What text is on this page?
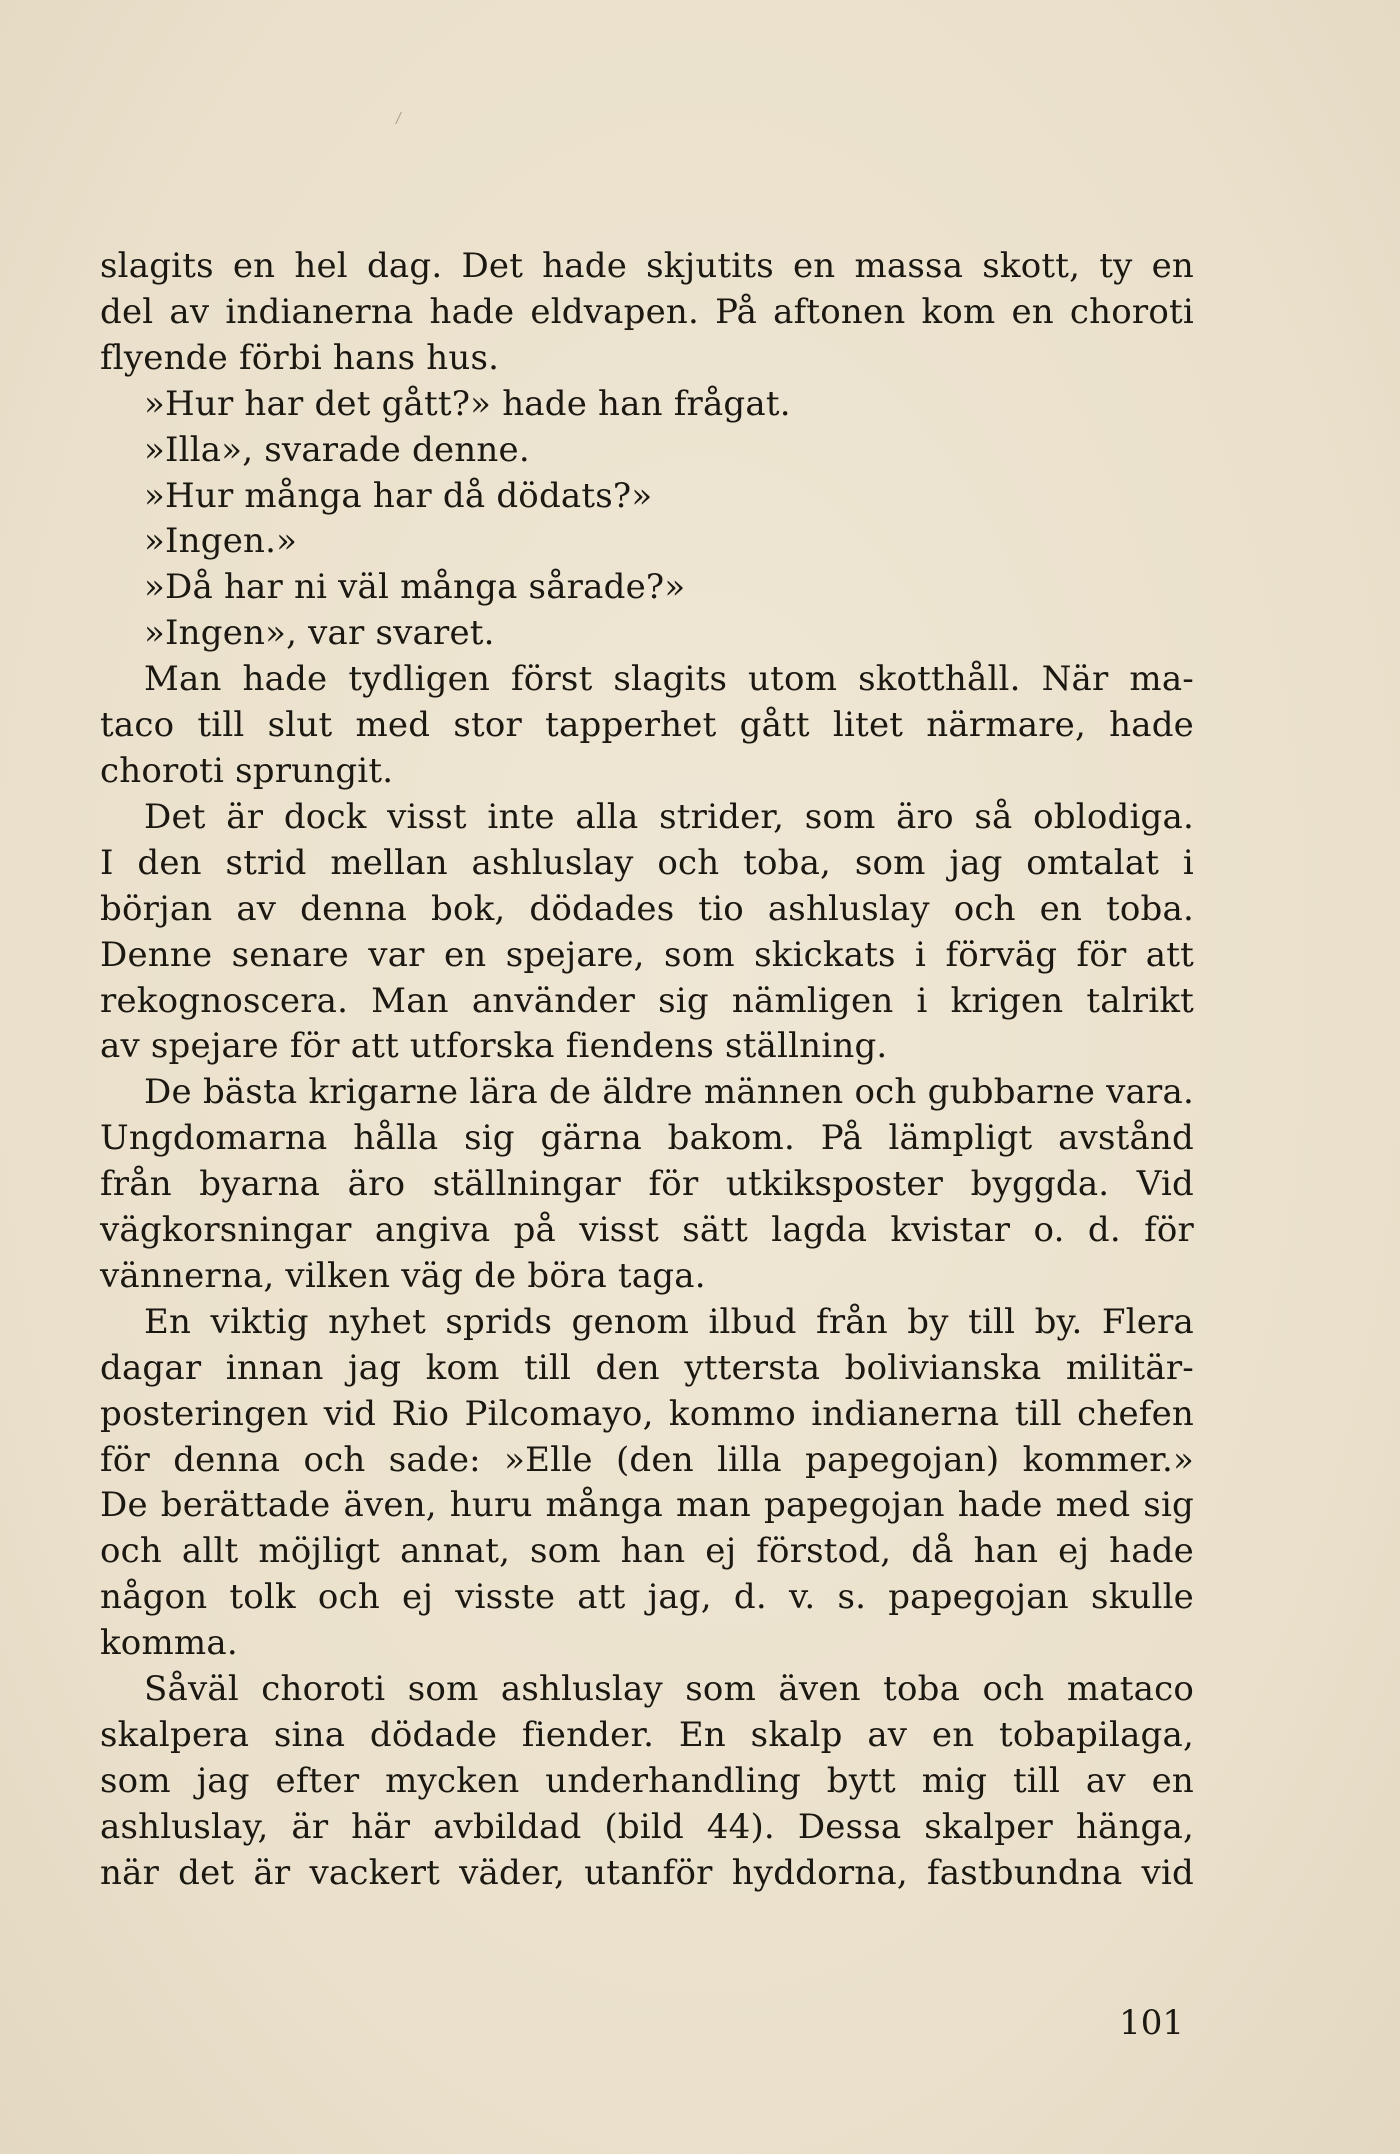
slagits en hel dag. Det hade skjutits en massa skott, ty en
del av indianerna hade eldvapen. På aftonen kom en choroti
flyende förbi hans hus.
»Hur har det gått?» hade han frågat.
»Illa», svarade denne.
»Hur många har då dödats?»
»Ingen.»
»Då har ni väl många sårade?»
»Ingen», var svaret.
Man hade tydligen först slagits utom skotthåll. När ma-
taco till slut med stor tapperhet gått litet närmare, hade
choroti sprungit.
Det är dock visst inte alla strider, som äro så oblodiga.
I den strid mellan ashluslay och toba, som jag omtalat i
början av denna bok, dödades tio ashluslay och en toba.
Denne senare var en spejare, som skickats i förväg för att
rekognoscera. Man använder sig nämligen i krigen talrikt
av spejare för att utforska fiendens ställning.
De bästa krigarne lära de äldre männen och gubbarne vara.
Ungdomarna hålla sig gärna bakom. På lämpligt avstånd
från byarna äro ställningar för utkiksposter byggda. Vid
vägkorsningar angiva på visst sätt lagda kvistar o. d. för
vännerna, vilken väg de böra taga.
En viktig nyhet sprids genom ilbud från by till by. Flera
dagar innan jag kom till den yttersta bolivianska militär-
posteringen vid Rio Pilcomayo, kommo indianerna till chefen
för denna och sade: »Elle (den lilla papegojan) kommer.»
De berättade även, huru många man papegojan hade med sig
och allt möjligt annat, som han ej förstod, då han ej hade
någon tolk och ej visste att jag, d. v. s. papegojan skulle
komma.
Såväl choroti som ashluslay som även toba och mataco
skalpera sina dödade fiender. En skalp av en tobapilaga,
som jag efter mycken underhandling bytt mig till av en
ashluslay, är här avbildad (bild 44). Dessa skalper hänga,
när det är vackert väder, utanför hyddorna, fastbundna vid
101
